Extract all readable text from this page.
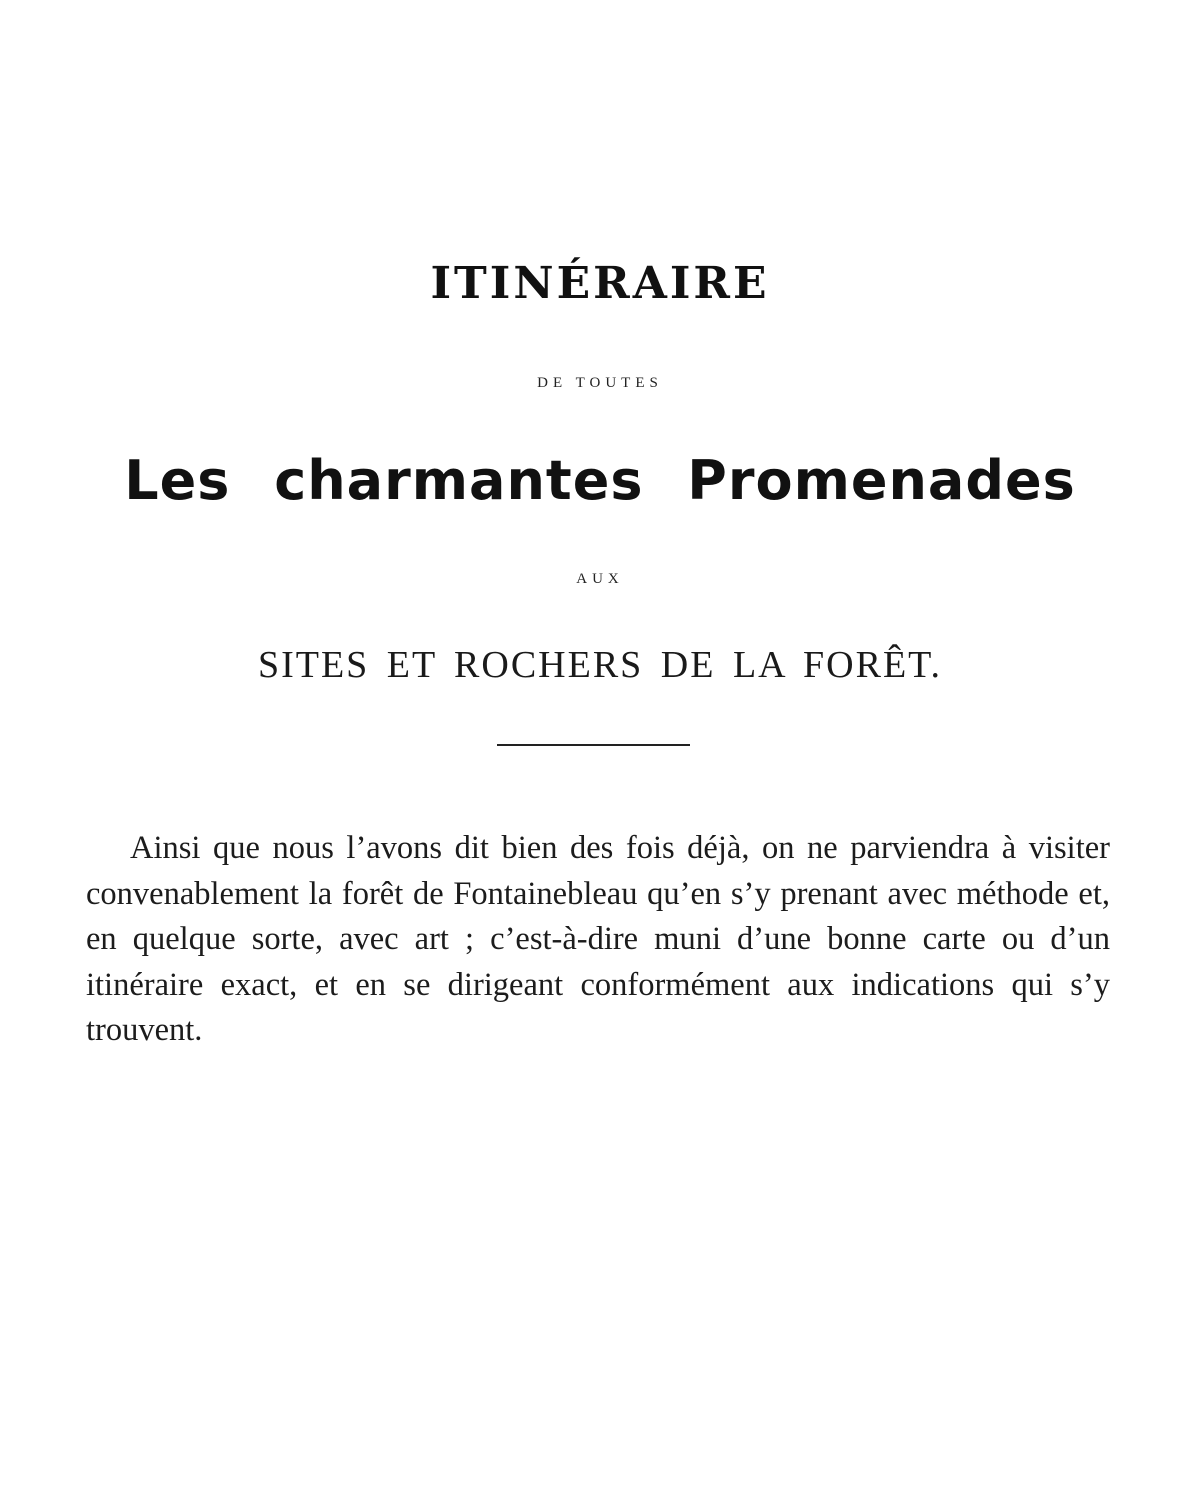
ITINÉRAIRE
DE TOUTES
Les charmantes Promenades
AUX
SITES ET ROCHERS DE LA FORÊT.

Ainsi que nous l’avons dit bien des fois déjà, on ne parviendra à visiter convenablement la forêt de Fontainebleau qu’en s’y prenant avec méthode et, en quelque sorte, avec art ; c’est-à-dire muni d’une bonne carte ou d’un itinéraire exact, et en se dirigeant conformément aux indications qui s’y trouvent.
